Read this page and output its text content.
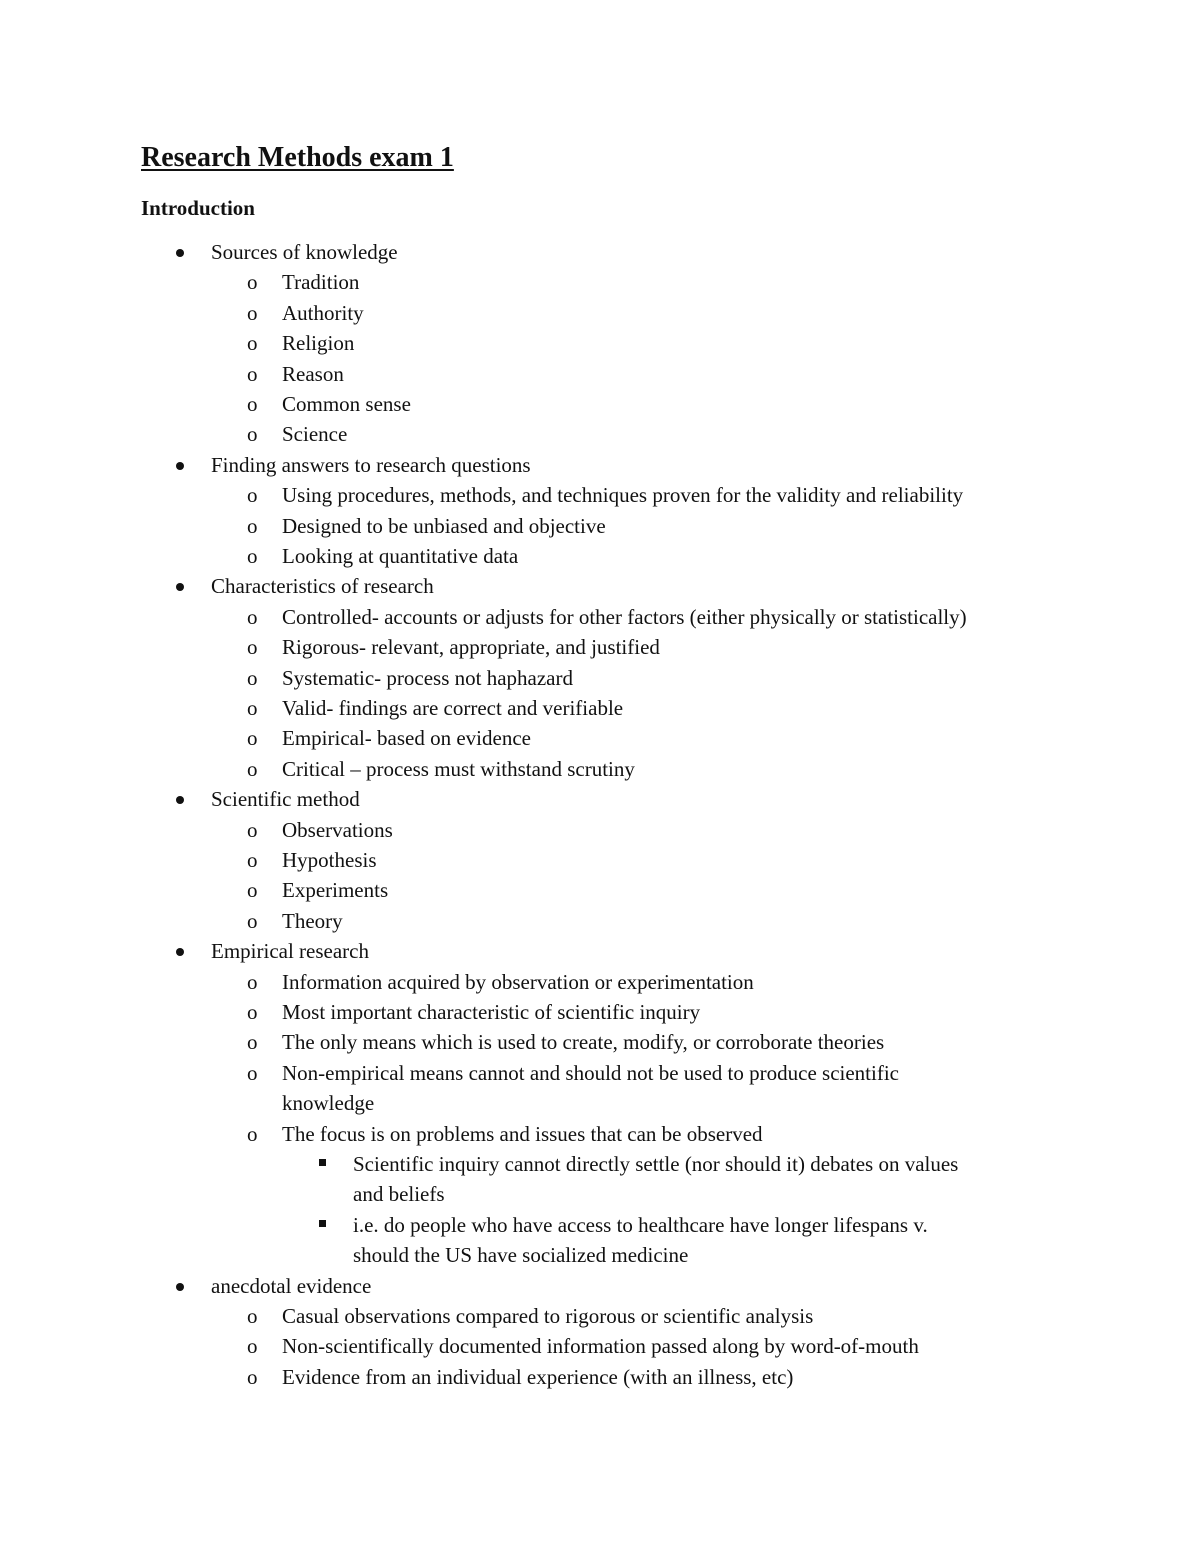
Research Methods exam 1
Introduction
Sources of knowledge
o Tradition
o Authority
o Religion
o Reason
o Common sense
o Science
Finding answers to research questions
o Using procedures, methods, and techniques proven for the validity and reliability
o Designed to be unbiased and objective
o Looking at quantitative data
Characteristics of research
o Controlled- accounts or adjusts for other factors (either physically or statistically)
o Rigorous- relevant, appropriate, and justified
o Systematic- process not haphazard
o Valid- findings are correct and verifiable
o Empirical- based on evidence
o Critical – process must withstand scrutiny
Scientific method
o Observations
o Hypothesis
o Experiments
o Theory
Empirical research
o Information acquired by observation or experimentation
o Most important characteristic of scientific inquiry
o The only means which is used to create, modify, or corroborate theories
o Non-empirical means cannot and should not be used to produce scientific
knowledge
o The focus is on problems and issues that can be observed
Scientific inquiry cannot directly settle (nor should it) debates on values
and beliefs
i.e. do people who have access to healthcare have longer lifespans v.
should the US have socialized medicine
anecdotal evidence
o Casual observations compared to rigorous or scientific analysis
o Non-scientifically documented information passed along by word-of-mouth
o Evidence from an individual experience (with an illness, etc)
